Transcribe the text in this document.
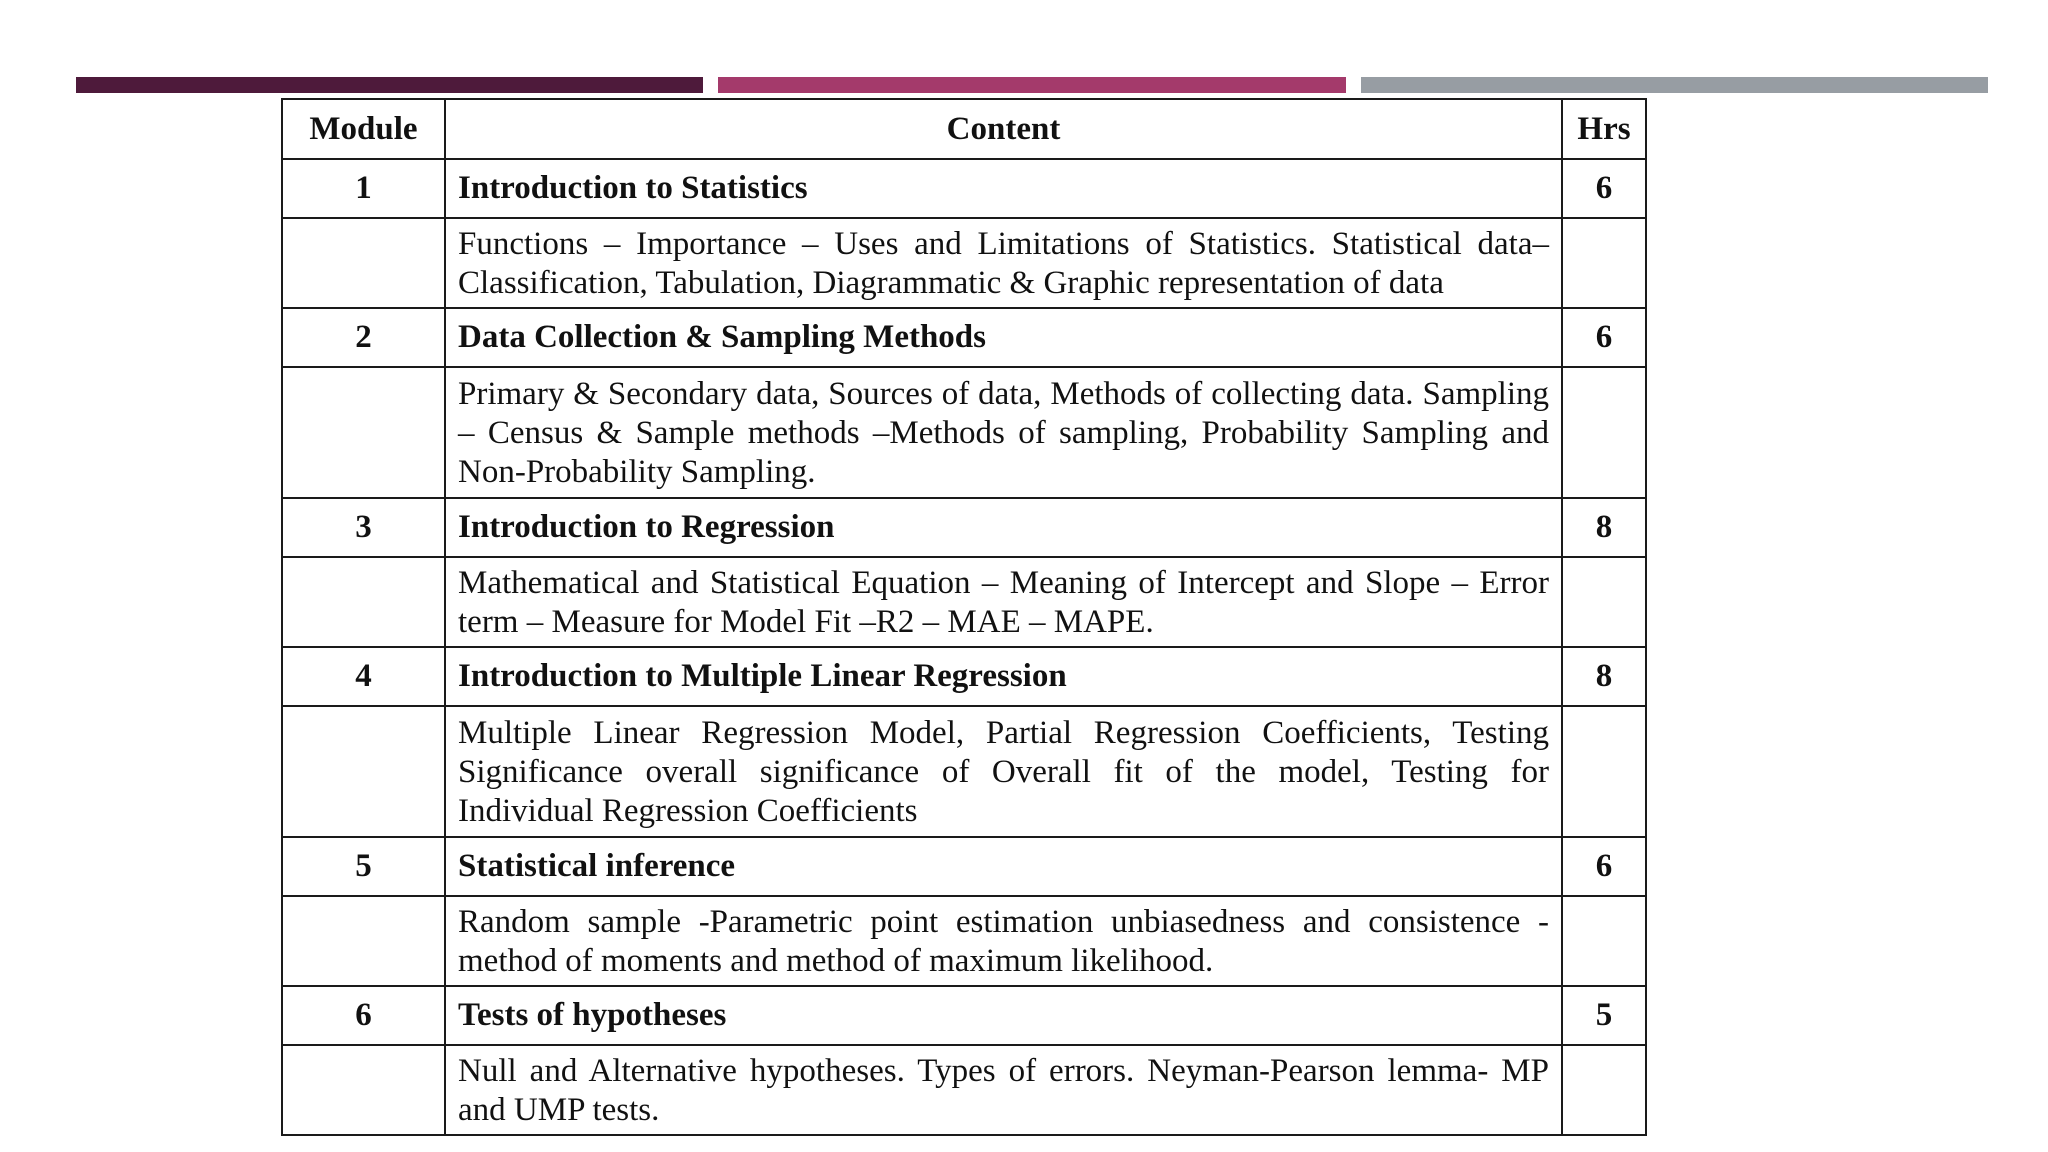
Module	Content	Hrs
1	Introduction to Statistics	6
	Functions – Importance – Uses and Limitations of Statistics. Statistical data– Classification, Tabulation, Diagrammatic & Graphic representation of data	
2	Data Collection & Sampling Methods	6
	Primary & Secondary data, Sources of data, Methods of collecting data. Sampling – Census & Sample methods –Methods of sampling, Probability Sampling and Non-Probability Sampling.	
3	Introduction to Regression	8
	Mathematical and Statistical Equation – Meaning of Intercept and Slope – Error term – Measure for Model Fit –R2 – MAE – MAPE.	
4	Introduction to Multiple Linear Regression	8
	Multiple Linear Regression Model, Partial Regression Coefficients, Testing Significance overall significance of Overall fit of the model, Testing for Individual Regression Coefficients	
5	Statistical inference	6
	Random sample -Parametric point estimation unbiasedness and consistence - method of moments and method of maximum likelihood.	
6	Tests of hypotheses	5
	Null and Alternative hypotheses. Types of errors. Neyman-Pearson lemma- MP and UMP tests.	
